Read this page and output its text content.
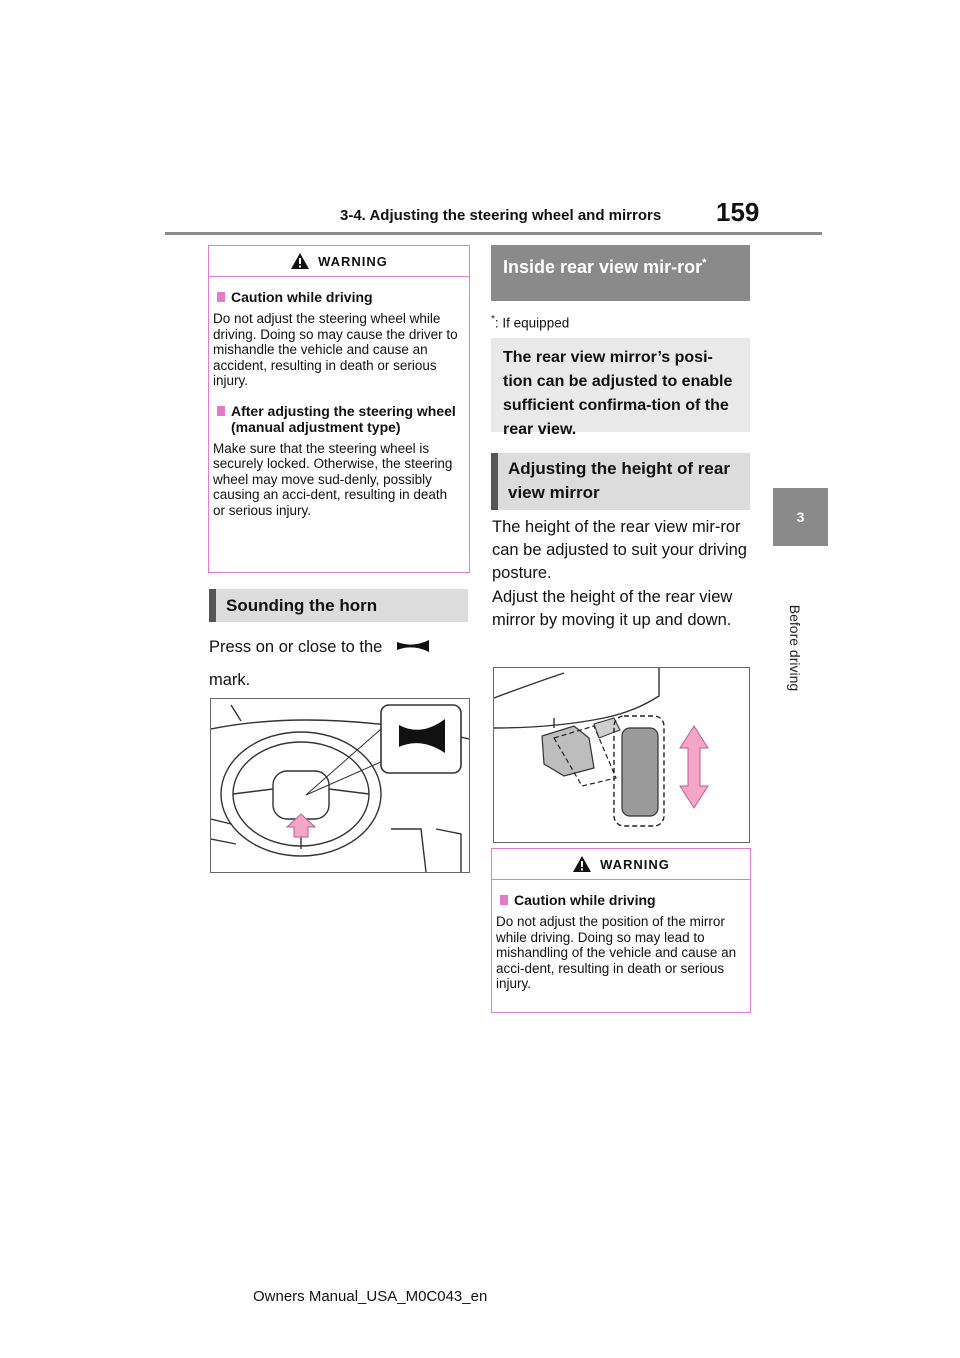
3-4. Adjusting the steering wheel and mirrors 159
3
Before driving
WARNING
Caution while driving
Do not adjust the steering wheel while driving. Doing so may cause the driver to mishandle the vehicle and cause an accident, resulting in death or serious injury.
After adjusting the steering wheel (manual adjustment type)
Make sure that the steering wheel is securely locked. Otherwise, the steering wheel may move sud-denly, possibly causing an acci-dent, resulting in death or serious injury.
Sounding the horn
Press on or close to the

mark.
Inside rear view mir-ror*
*: If equipped
The rear view mirror’s posi-tion can be adjusted to enable sufficient confirma-tion of the rear view.
Adjusting the height of rear view mirror
The height of the rear view mir-ror can be adjusted to suit your driving posture.
Adjust the height of the rear view mirror by moving it up and down.
WARNING
Caution while driving
Do not adjust the position of the mirror while driving. Doing so may lead to mishandling of the vehicle and cause an acci-dent, resulting in death or serious injury.
Owners Manual_USA_M0C043_en
